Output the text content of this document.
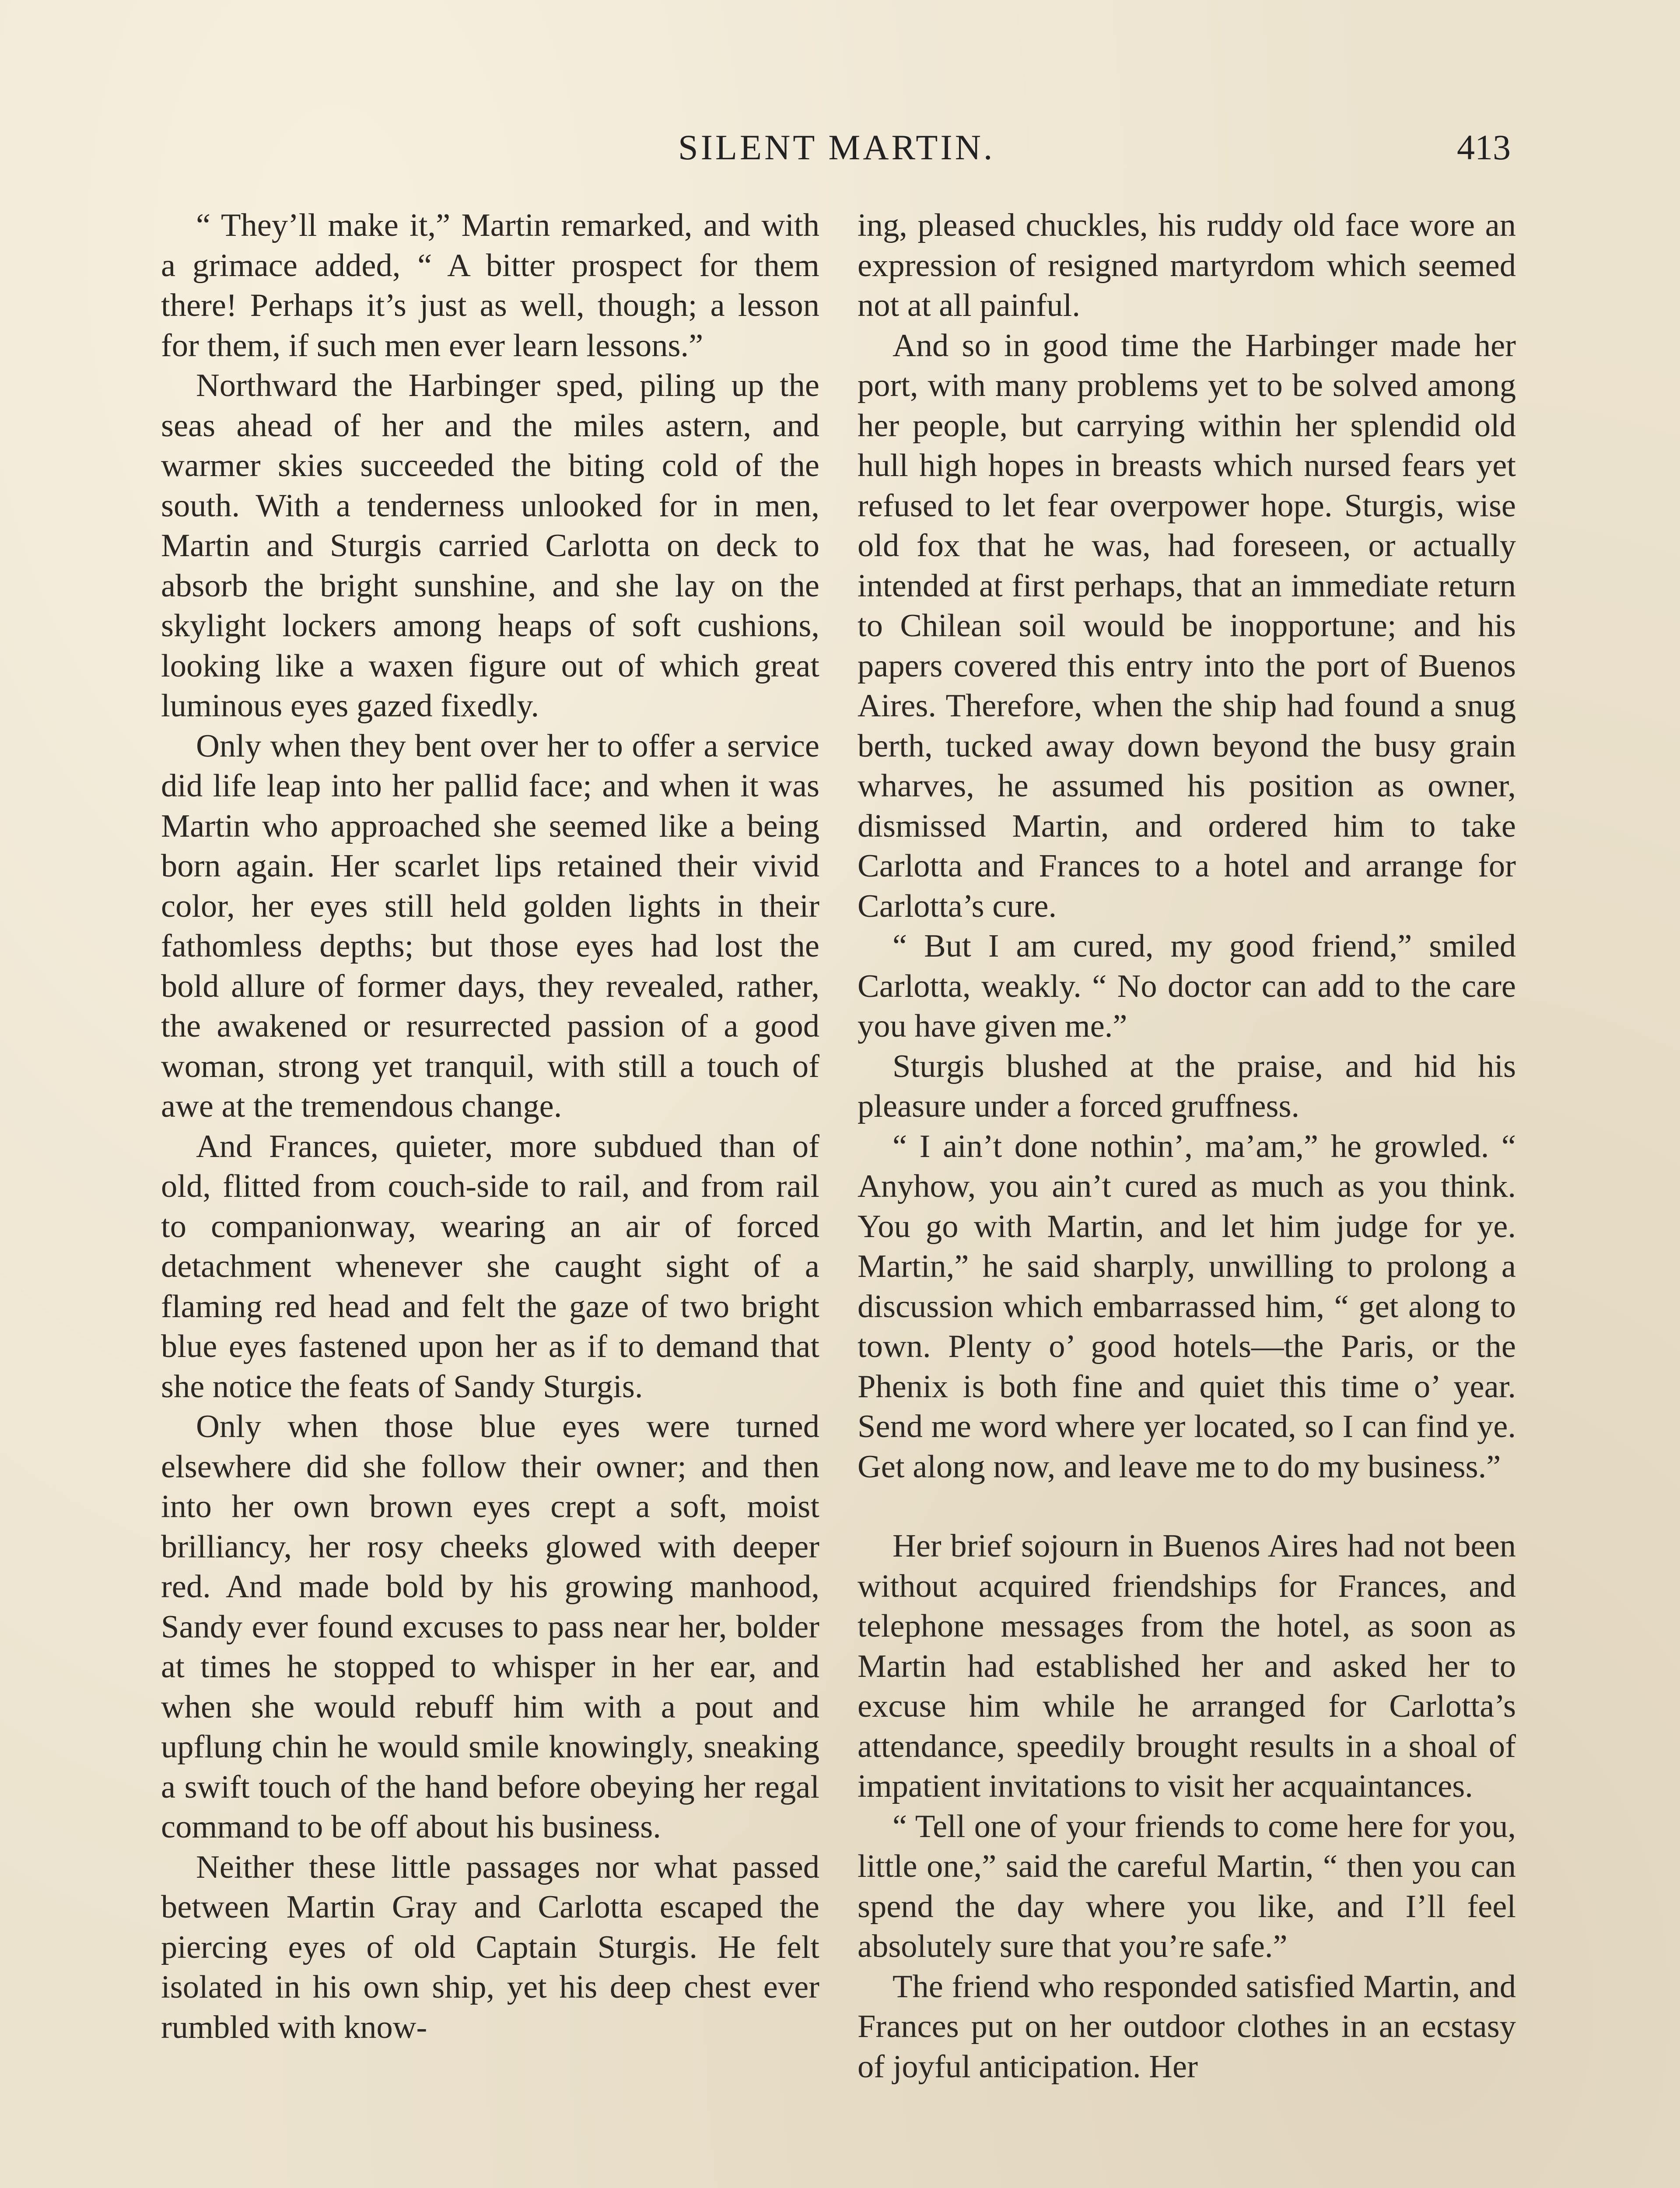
SILENT MARTIN.	413

“ They’ll make it,” Martin remarked, and with a grimace added, “ A bitter prospect for them there! Perhaps it’s just as well, though; a lesson for them, if such men ever learn lessons.”

Northward the Harbinger sped, piling up the seas ahead of her and the miles astern, and warmer skies succeeded the biting cold of the south. With a tenderness unlooked for in men, Martin and Sturgis carried Carlotta on deck to absorb the bright sunshine, and she lay on the skylight lockers among heaps of soft cushions, looking like a waxen figure out of which great luminous eyes gazed fixedly.

Only when they bent over her to offer a service did life leap into her pallid face; and when it was Martin who approached she seemed like a being born again. Her scarlet lips retained their vivid color, her eyes still held golden lights in their fathomless depths; but those eyes had lost the bold allure of former days, they revealed, rather, the awakened or resurrected passion of a good woman, strong yet tranquil, with still a touch of awe at the tremendous change.

And Frances, quieter, more subdued than of old, flitted from couch-side to rail, and from rail to companionway, wearing an air of forced detachment whenever she caught sight of a flaming red head and felt the gaze of two bright blue eyes fastened upon her as if to demand that she notice the feats of Sandy Sturgis.

Only when those blue eyes were turned elsewhere did she follow their owner; and then into her own brown eyes crept a soft, moist brilliancy, her rosy cheeks glowed with deeper red. And made bold by his growing manhood, Sandy ever found excuses to pass near her, bolder at times he stopped to whisper in her ear, and when she would rebuff him with a pout and upflung chin he would smile knowingly, sneaking a swift touch of the hand before obeying her regal command to be off about his business.

Neither these little passages nor what passed between Martin Gray and Carlotta escaped the piercing eyes of old Captain Sturgis. He felt isolated in his own ship, yet his deep chest ever rumbled with know-

ing, pleased chuckles, his ruddy old face wore an expression of resigned martyrdom which seemed not at all painful.

And so in good time the Harbinger made her port, with many problems yet to be solved among her people, but carrying within her splendid old hull high hopes in breasts which nursed fears yet refused to let fear overpower hope. Sturgis, wise old fox that he was, had foreseen, or actually intended at first perhaps, that an immediate return to Chilean soil would be inopportune; and his papers covered this entry into the port of Buenos Aires. Therefore, when the ship had found a snug berth, tucked away down beyond the busy grain wharves, he assumed his position as owner, dismissed Martin, and ordered him to take Carlotta and Frances to a hotel and arrange for Carlotta’s cure.

“ But I am cured, my good friend,” smiled Carlotta, weakly. “ No doctor can add to the care you have given me.”

Sturgis blushed at the praise, and hid his pleasure under a forced gruffness.

“ I ain’t done nothin’, ma’am,” he growled. “ Anyhow, you ain’t cured as much as you think. You go with Martin, and let him judge for ye. Martin,” he said sharply, unwilling to prolong a discussion which embarrassed him, “ get along to town. Plenty o’ good hotels—the Paris, or the Phenix is both fine and quiet this time o’ year. Send me word where yer located, so I can find ye. Get along now, and leave me to do my business.”

Her brief sojourn in Buenos Aires had not been without acquired friendships for Frances, and telephone messages from the hotel, as soon as Martin had established her and asked her to excuse him while he arranged for Carlotta’s attendance, speedily brought results in a shoal of impatient invitations to visit her acquaintances.

“ Tell one of your friends to come here for you, little one,” said the careful Martin, “ then you can spend the day where you like, and I’ll feel absolutely sure that you’re safe.”

The friend who responded satisfied Martin, and Frances put on her outdoor clothes in an ecstasy of joyful anticipation. Her
